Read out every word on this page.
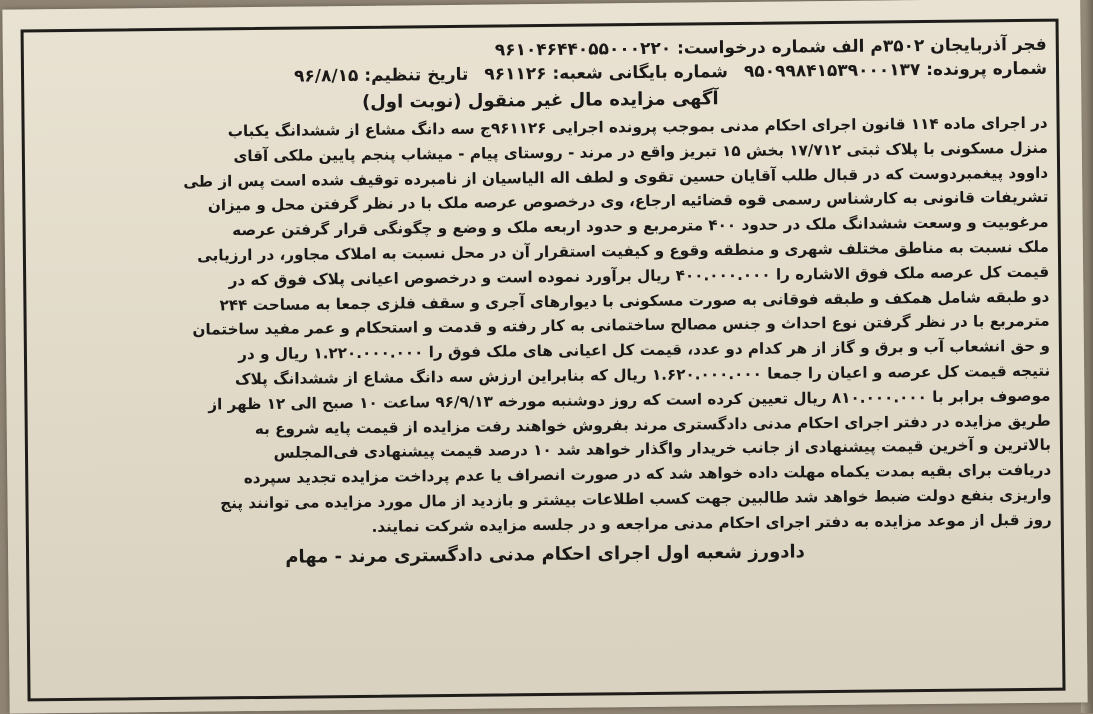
فجر آذربایجان ۳۵۰۲م الف شماره درخواست: ۹۶۱۰۴۶۴۴۰۵۵۰۰۰۲۲۰

شماره پرونده: ۹۵۰۹۹۸۴۱۵۳۹۰۰۰۱۳۷ شماره بایگانی شعبه: ۹۶۱۱۲۶ تاریخ تنظیم: ۹۶/۸/۱۵

آگهی مزایده مال غیر منقول (نوبت اول)

در اجرای ماده ۱۱۴ قانون اجرای احکام مدنی بموجب پرونده اجرایی ۹۶۱۱۲۶ج سه دانگ مشاع از ششدانگ یکباب

منزل مسکونی با پلاک ثبتی ۱۷/۷۱۲ بخش ۱۵ تبریز واقع در مرند - روستای پیام - میشاب پنجم پایین ملکی آقای

داوود پیغمبردوست که در قبال طلب آقایان حسین تقوی و لطف اله الیاسیان از نامبرده توقیف شده است پس از طی

تشریفات قانونی به کارشناس رسمی قوه قضائیه ارجاع، وی درخصوص عرصه ملک با در نظر گرفتن محل و میزان

مرغوبیت و وسعت ششدانگ ملک در حدود ۴۰۰ مترمربع و حدود اربعه ملک و وضع و چگونگی قرار گرفتن عرصه

ملک نسبت به مناطق مختلف شهری و منطقه وقوع و کیفیت استقرار آن در محل نسبت به املاک مجاور، در ارزیابی

قیمت کل عرصه ملک فوق الاشاره را ۴۰۰.۰۰۰.۰۰۰ ریال برآورد نموده است و درخصوص اعیانی پلاک فوق که در

دو طبقه شامل همکف و طبقه فوقانی به صورت مسکونی با دیوارهای آجری و سقف فلزی جمعا به مساحت ۲۴۴

مترمربع با در نظر گرفتن نوع احداث و جنس مصالح ساختمانی به کار رفته و قدمت و استحکام و عمر مفید ساختمان

و حق انشعاب آب و برق و گاز از هر کدام دو عدد، قیمت کل اعیانی های ملک فوق را ۱.۲۲۰.۰۰۰.۰۰۰ ریال و در

نتیجه قیمت کل عرصه و اعیان را جمعا ۱.۶۲۰.۰۰۰.۰۰۰ ریال که بنابراین ارزش سه دانگ مشاع از ششدانگ پلاک

موصوف برابر با ۸۱۰.۰۰۰.۰۰۰ ریال تعیین کرده است که روز دوشنبه مورخه ۹۶/۹/۱۳ ساعت ۱۰ صبح الی ۱۲ ظهر از

طریق مزایده در دفتر اجرای احکام مدنی دادگستری مرند بفروش خواهند رفت مزایده از قیمت پایه شروع به

بالاترین و آخرین قیمت پیشنهادی از جانب خریدار واگذار خواهد شد ۱۰ درصد قیمت پیشنهادی فی‌المجلس

دریافت برای بقیه بمدت یکماه مهلت داده خواهد شد که در صورت انصراف یا عدم پرداخت مزایده تجدید سپرده

واریزی بنفع دولت ضبط خواهد شد طالبین جهت کسب اطلاعات بیشتر و بازدید از مال مورد مزایده می توانند پنج

روز قبل از موعد مزایده به دفتر اجرای احکام مدنی مراجعه و در جلسه مزایده شرکت نمایند.

دادورز شعبه اول اجرای احکام مدنی دادگستری مرند - مهام
